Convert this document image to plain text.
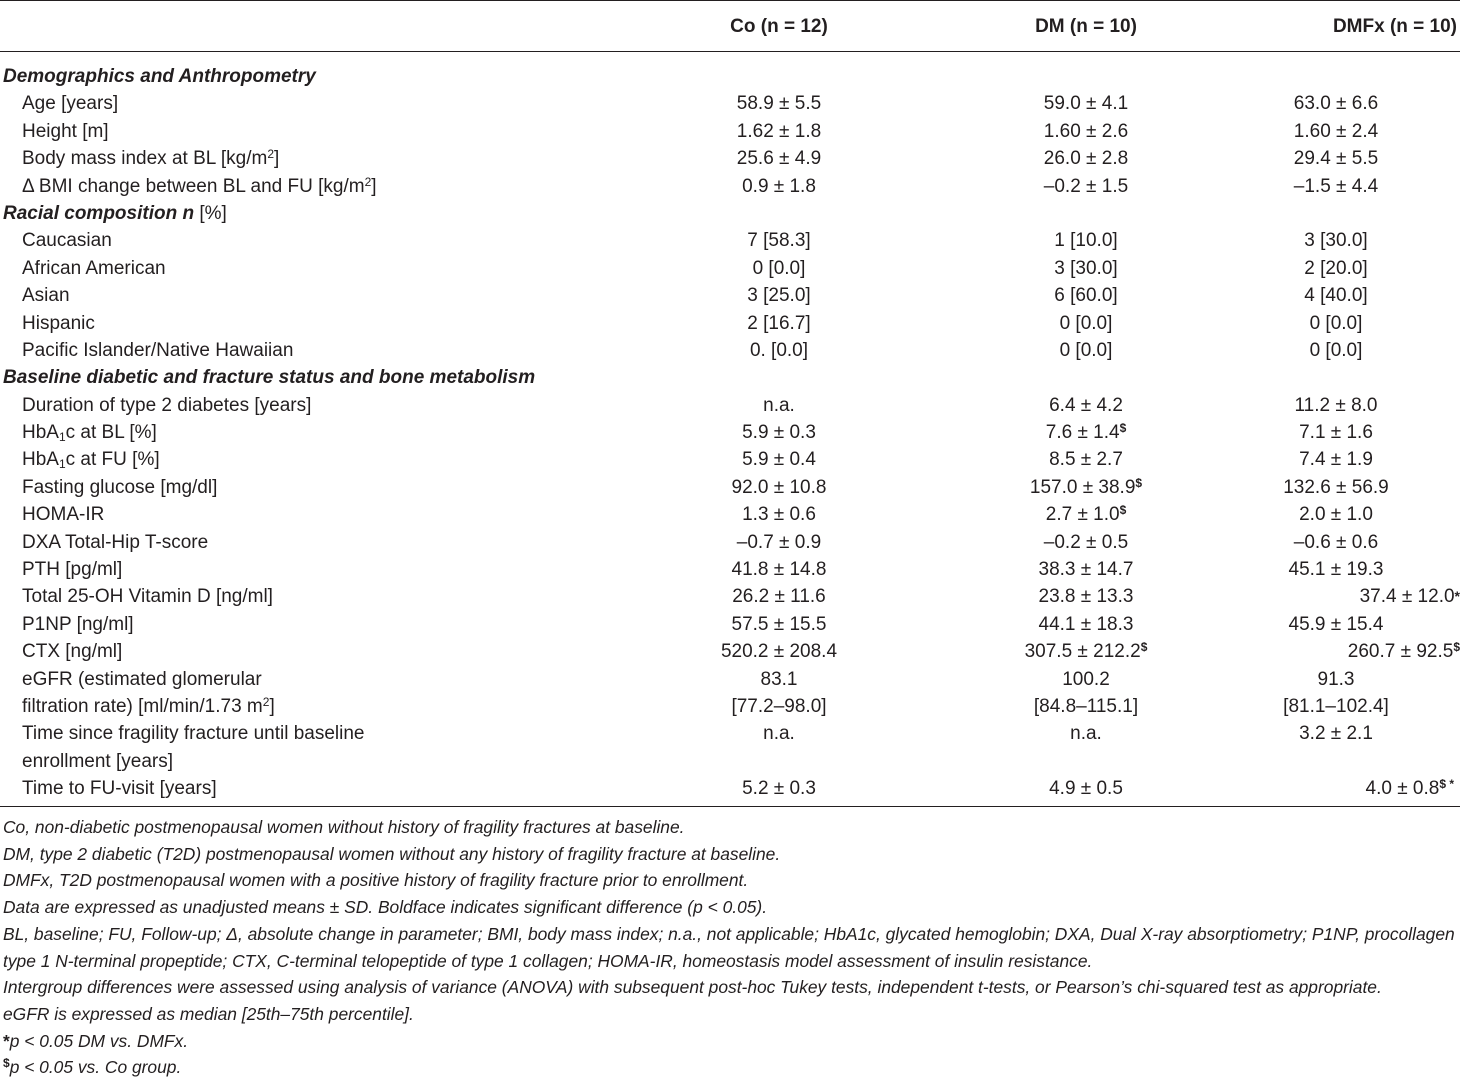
Co (n = 12)	DM (n = 10)	DMFx (n = 10)
Demographics and Anthropometry
Age [years]	58.9 ± 5.5	59.0 ± 4.1	63.0 ± 6.6
Height [m]	1.62 ± 1.8	1.60 ± 2.6	1.60 ± 2.4
Body mass index at BL $[kg/m^2]$	25.6 ± 4.9	26.0 ± 2.8	29.4 ± 5.5
Δ BMI change between BL and FU $[kg/m^2]$	0.9 ± 1.8	–0.2 ± 1.5	–1.5 ± 4.4
Racial composition n [%]
Caucasian	7 [58.3]	1 [10.0]	3 [30.0]
African American	0 [0.0]	3 [30.0]	2 [20.0]
Asian	3 [25.0]	6 [60.0]	4 [40.0]
Hispanic	2 [16.7]	0 [0.0]	0 [0.0]
Pacific Islander/Native Hawaiian	0. [0.0]	0 [0.0]	0 [0.0]
Baseline diabetic and fracture status and bone metabolism
Duration of type 2 diabetes [years]	n.a.	6.4 ± 4.2	11.2 ± 8.0
HbA$_1$c at BL [%]	5.9 ± 0.3	7.6 ± 1.4$	7.1 ± 1.6
HbA$_1$c at FU [%]	5.9 ± 0.4	8.5 ± 2.7	7.4 ± 1.9
Fasting glucose [mg/dl]	92.0 ± 10.8	157.0 ± 38.9$	132.6 ± 56.9
HOMA-IR	1.3 ± 0.6	2.7 ± 1.0$	2.0 ± 1.0
DXA Total-Hip T-score	–0.7 ± 0.9	–0.2 ± 0.5	–0.6 ± 0.6
PTH [pg/ml]	41.8 ± 14.8	38.3 ± 14.7	45.1 ± 19.3
Total 25-OH Vitamin D [ng/ml]	26.2 ± 11.6	23.8 ± 13.3	37.4 ± 12.0*
P1NP [ng/ml]	57.5 ± 15.5	44.1 ± 18.3	45.9 ± 15.4
CTX [ng/ml]	520.2 ± 208.4	307.5 ± 212.2$	260.7 ± 92.5$
eGFR (estimated glomerular	83.1	100.2	91.3
filtration rate) [ml/min/1.73 $m^2$]	[77.2–98.0]	[84.8–115.1]	[81.1–102.4]
Time since fragility fracture until baseline	n.a.	n.a.	3.2 ± 2.1
enrollment [years]
Time to FU-visit [years]	5.2 ± 0.3	4.9 ± 0.5	4.0 ± 0.8$ *
Co, non-diabetic postmenopausal women without history of fragility fractures at baseline.
DM, type 2 diabetic (T2D) postmenopausal women without any history of fragility fracture at baseline.
DMFx, T2D postmenopausal women with a positive history of fragility fracture prior to enrollment.
Data are expressed as unadjusted means ± SD. Boldface indicates significant difference (p < 0.05).
BL, baseline; FU, Follow-up; Δ, absolute change in parameter; BMI, body mass index; n.a., not applicable; HbA1c, glycated hemoglobin; DXA, Dual X-ray absorptiometry; P1NP, procollagen type 1 N-terminal propeptide; CTX, C-terminal telopeptide of type 1 collagen; HOMA-IR, homeostasis model assessment of insulin resistance.
Intergroup differences were assessed using analysis of variance (ANOVA) with subsequent post-hoc Tukey tests, independent t-tests, or Pearson’s chi-squared test as appropriate.
eGFR is expressed as median [25th–75th percentile].
*p < 0.05 DM vs. DMFx.
$p < 0.05 vs. Co group.
